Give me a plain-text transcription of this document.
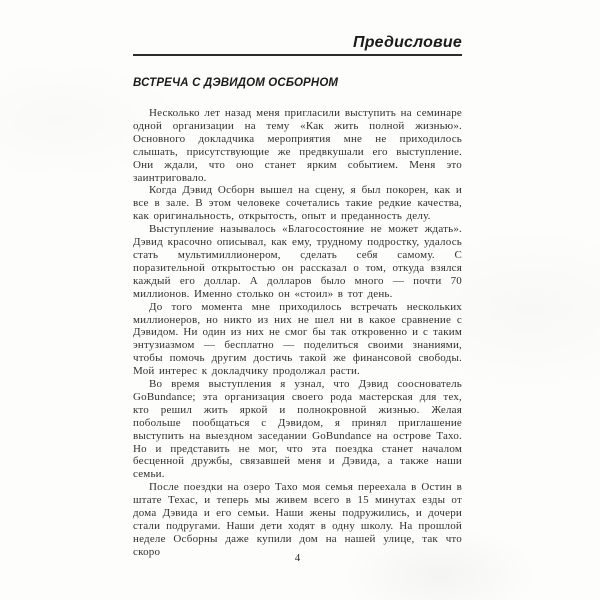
Предисловие
ВСТРЕЧА С ДЭВИДОМ ОСБОРНОМ

Несколько лет назад меня пригласили выступить на семинаре одной организации на тему «Как жить полной жизнью». Основного докладчика мероприятия мне не приходилось слышать, присутствующие же предвкушали его выступление. Они ждали, что оно станет ярким событием. Меня это заинтриговало.

Когда Дэвид Осборн вышел на сцену, я был покорен, как и все в зале. В этом человеке сочетались такие редкие качества, как оригинальность, открытость, опыт и преданность делу.

Выступление называлось «Благосостояние не может ждать». Дэвид красочно описывал, как ему, трудному подростку, удалось стать мультимиллионером, сделать себя самому. С поразительной открытостью он рассказал о том, откуда взялся каждый его доллар. А долларов было много — почти 70 миллионов. Именно столько он «стоил» в тот день.

До того момента мне приходилось встречать нескольких миллионеров, но никто из них не шел ни в какое сравнение с Дэвидом. Ни один из них не смог бы так откровенно и с таким энтузиазмом — бесплатно — поделиться своими знаниями, чтобы помочь другим достичь такой же финансовой свободы. Мой интерес к докладчику продолжал расти.

Во время выступления я узнал, что Дэвид сооснователь GoBundance; эта организация своего рода мастерская для тех, кто решил жить яркой и полнокровной жизнью. Желая побольше пообщаться с Дэвидом, я принял приглашение выступить на выездном заседании GoBundance на острове Тахо. Но и представить не мог, что эта поездка станет началом бесценной дружбы, связавшей меня и Дэвида, а также наши семьи.

После поездки на озеро Тахо моя семья переехала в Остин в штате Техас, и теперь мы живем всего в 15 минутах езды от дома Дэвида и его семьи. Наши жены подружились, и дочери стали подругами. Наши дети ходят в одну школу. На прошлой неделе Осборны даже купили дом на нашей улице, так что скоро

4
